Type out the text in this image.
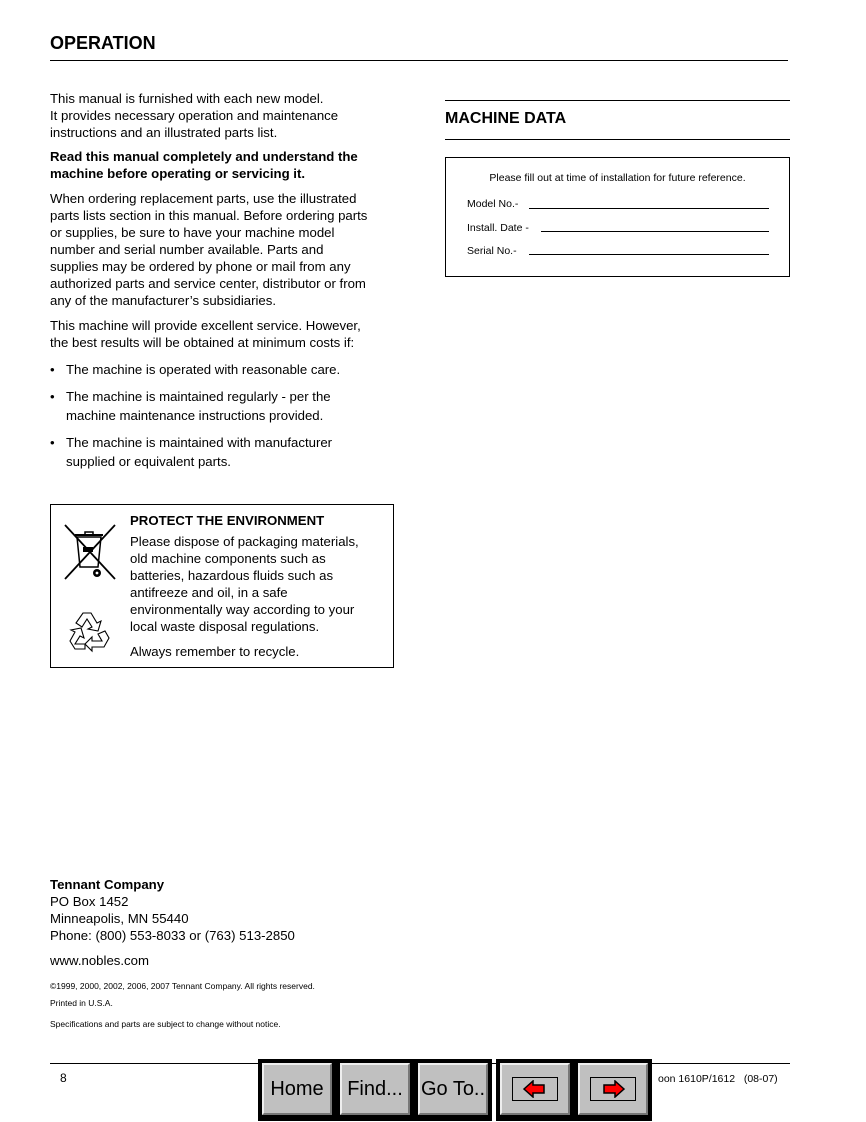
OPERATION
This manual is furnished with each new model.
It provides necessary operation and maintenance
instructions and an illustrated parts list.
Read this manual completely and understand the
machine before operating or servicing it.
When ordering replacement parts, use the illustrated
parts lists section in this manual. Before ordering parts
or supplies, be sure to have your machine model
number and serial number available. Parts and
supplies may be ordered by phone or mail from any
authorized parts and service center, distributor or from
any of the manufacturer’s subsidiaries.
This machine will provide excellent service. However,
the best results will be obtained at minimum costs if:
• The machine is operated with reasonable care.
• The machine is maintained regularly - per the
machine maintenance instructions provided.
• The machine is maintained with manufacturer
supplied or equivalent parts.
PROTECT THE ENVIRONMENT
Please dispose of packaging materials,
old machine components such as
batteries, hazardous fluids such as
antifreeze and oil, in a safe
environmentally way according to your
local waste disposal regulations.
Always remember to recycle.
MACHINE DATA
Please fill out at time of installation for future reference.
Model No.-
Install. Date -
Serial No.-
Tennant Company
PO Box 1452
Minneapolis, MN 55440
Phone: (800) 553-8033 or (763) 513-2850
www.nobles.com
©1999, 2000, 2002, 2006, 2007 Tennant Company. All rights reserved.
Printed in U.S.A.
Specifications and parts are subject to change without notice.
8	oon 1610P/1612   (08-07)
Home	Find... Go To..
